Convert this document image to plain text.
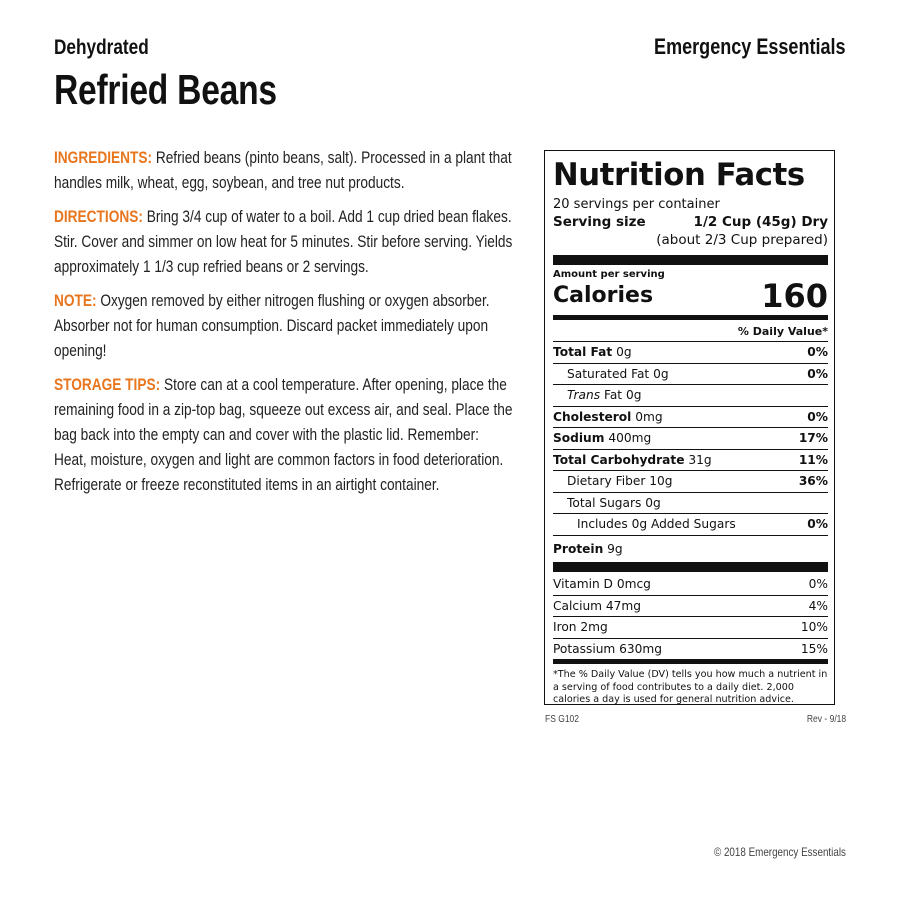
Dehydrated
Refried Beans
Emergency Essentials

INGREDIENTS: Refried beans (pinto beans, salt). Processed in a plant that handles milk, wheat, egg, soybean, and tree nut products.

DIRECTIONS: Bring 3/4 cup of water to a boil. Add 1 cup dried bean flakes. Stir. Cover and simmer on low heat for 5 minutes. Stir before serving. Yields approximately 1 1/3 cup refried beans or 2 servings.

NOTE: Oxygen removed by either nitrogen flushing or oxygen absorber. Absorber not for human consumption. Discard packet immediately upon opening!

STORAGE TIPS: Store can at a cool temperature. After opening, place the remaining food in a zip-top bag, squeeze out excess air, and seal. Place the bag back into the empty can and cover with the plastic lid. Remember: Heat, moisture, oxygen and light are common factors in food deterioration. Refrigerate or freeze reconstituted items in an airtight container.

Nutrition Facts
20 servings per container
Serving size	1/2 Cup (45g) Dry
(about 2/3 Cup prepared)
Amount per serving
Calories	160
% Daily Value*
Total Fat 0g	0%
Saturated Fat 0g	0%
Trans Fat 0g
Cholesterol 0mg	0%
Sodium 400mg	17%
Total Carbohydrate 31g	11%
Dietary Fiber 10g	36%
Total Sugars 0g
Includes 0g Added Sugars	0%
Protein 9g
Vitamin D 0mcg	0%
Calcium 47mg	4%
Iron 2mg	10%
Potassium 630mg	15%
*The % Daily Value (DV) tells you how much a nutrient in a serving of food contributes to a daily diet. 2,000 calories a day is used for general nutrition advice.
FS G102	Rev - 9/18
© 2018 Emergency Essentials
